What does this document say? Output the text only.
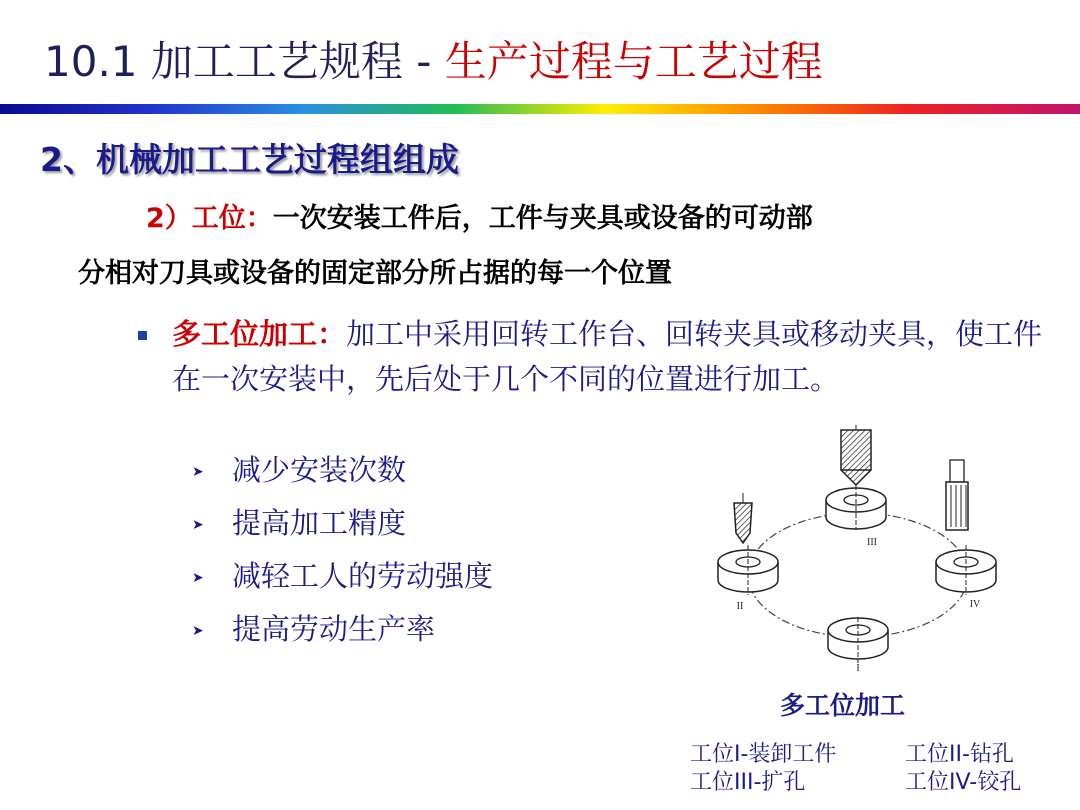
10.1 加工工艺规程 - 生产过程与工艺过程
2、机械加工工艺过程组组成
2）工位：一次安装工件后，工件与夹具或设备的可动部
分相对刀具或设备的固定部分所占据的每一个位置
多工位加工：加工中采用回转工作台、回转夹具或移动夹具，使工件在一次安装中，先后处于几个不同的位置进行加工。
➤ 减少安装次数
➤ 提高加工精度
➤ 减轻工人的劳动强度
➤ 提高劳动生产率
I
II
III
IV
多工位加工
工位I-装卸工件	工位II-钻孔
工位III-扩孔	工位IV-铰孔
